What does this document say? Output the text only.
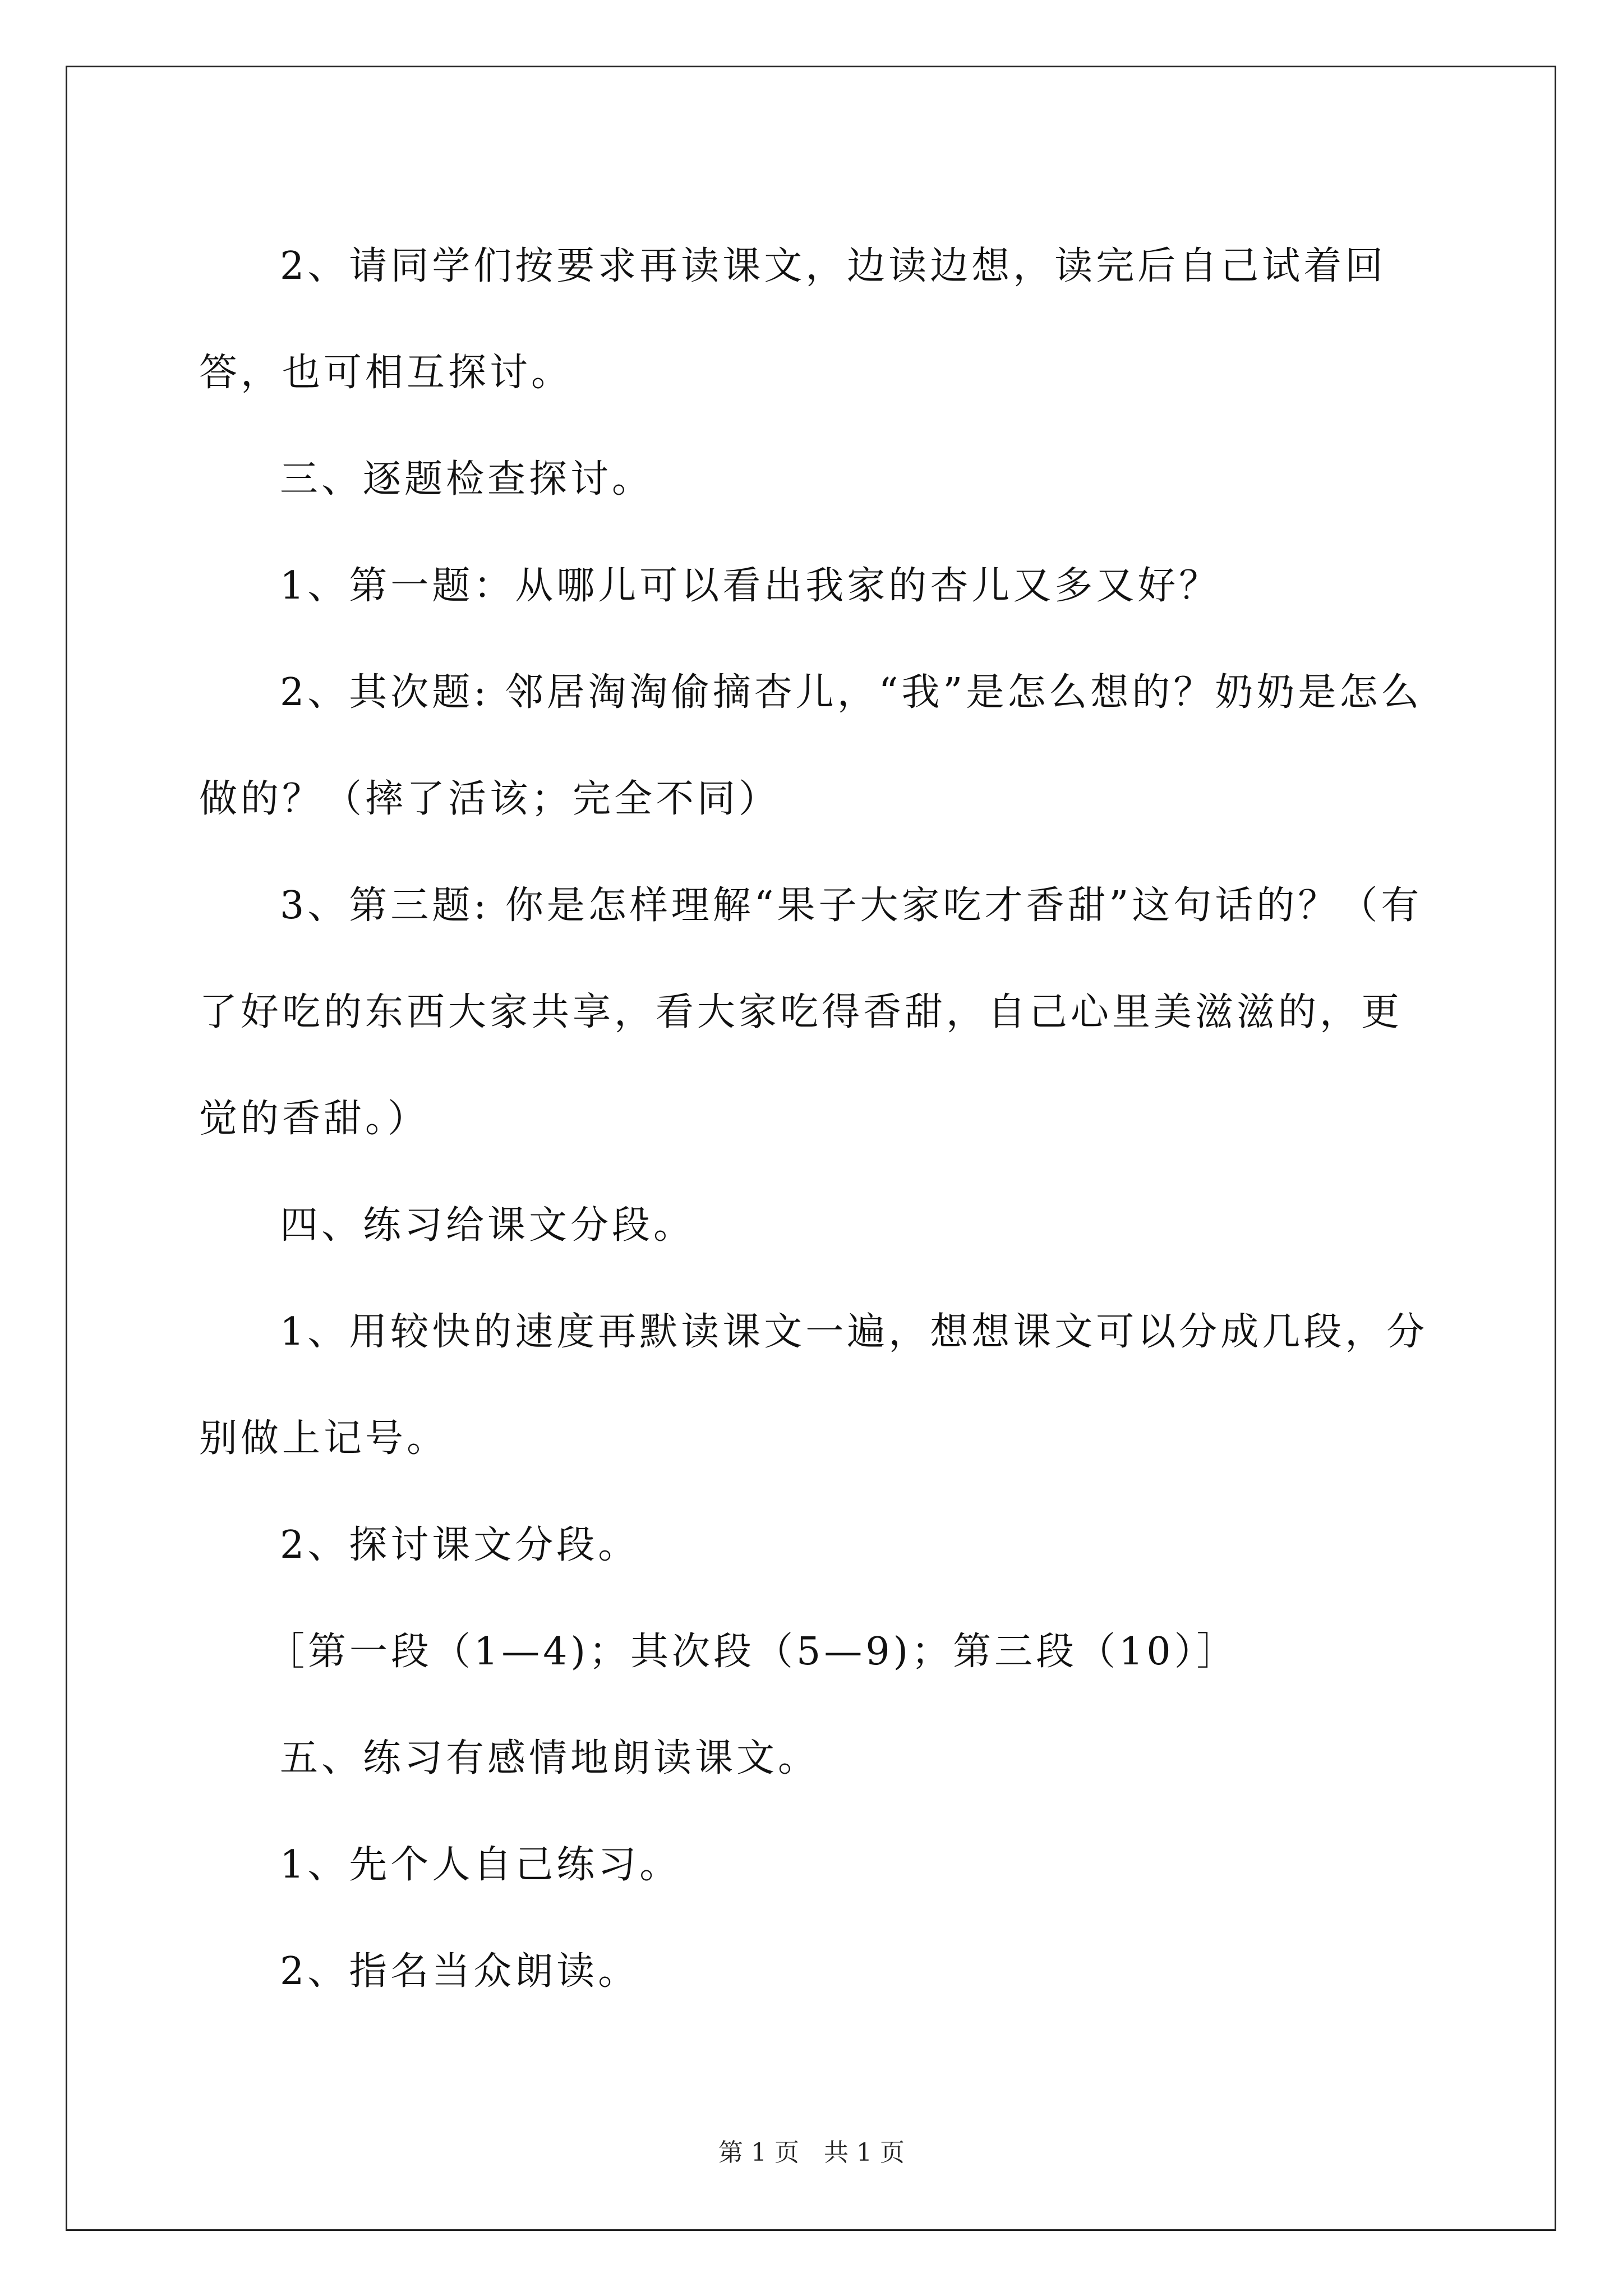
2、请同学们按要求再读课文，边读边想，读完后自己试着回答，也可相互探讨。

三、逐题检查探讨。

1、第一题：从哪儿可以看出我家的杏儿又多又好？

2、其次题: 邻居淘淘偷摘杏儿，“我”是怎么想的？奶奶是怎么做的？（摔了活该；完全不同）

3、第三题: 你是怎样理解“果子大家吃才香甜”这句话的？（有了好吃的东西大家共享，看大家吃得香甜，自己心里美滋滋的，更觉的香甜。）

四、练习给课文分段。

1、用较快的速度再默读课文一遍，想想课文可以分成几段，分别做上记号。

2、探讨课文分段。

［第一段（1—4)；其次段（5—9)；第三段（10）］

五、练习有感情地朗读课文。

1、先个人自己练习。

2、指名当众朗读。

第 1 页 共 1 页
